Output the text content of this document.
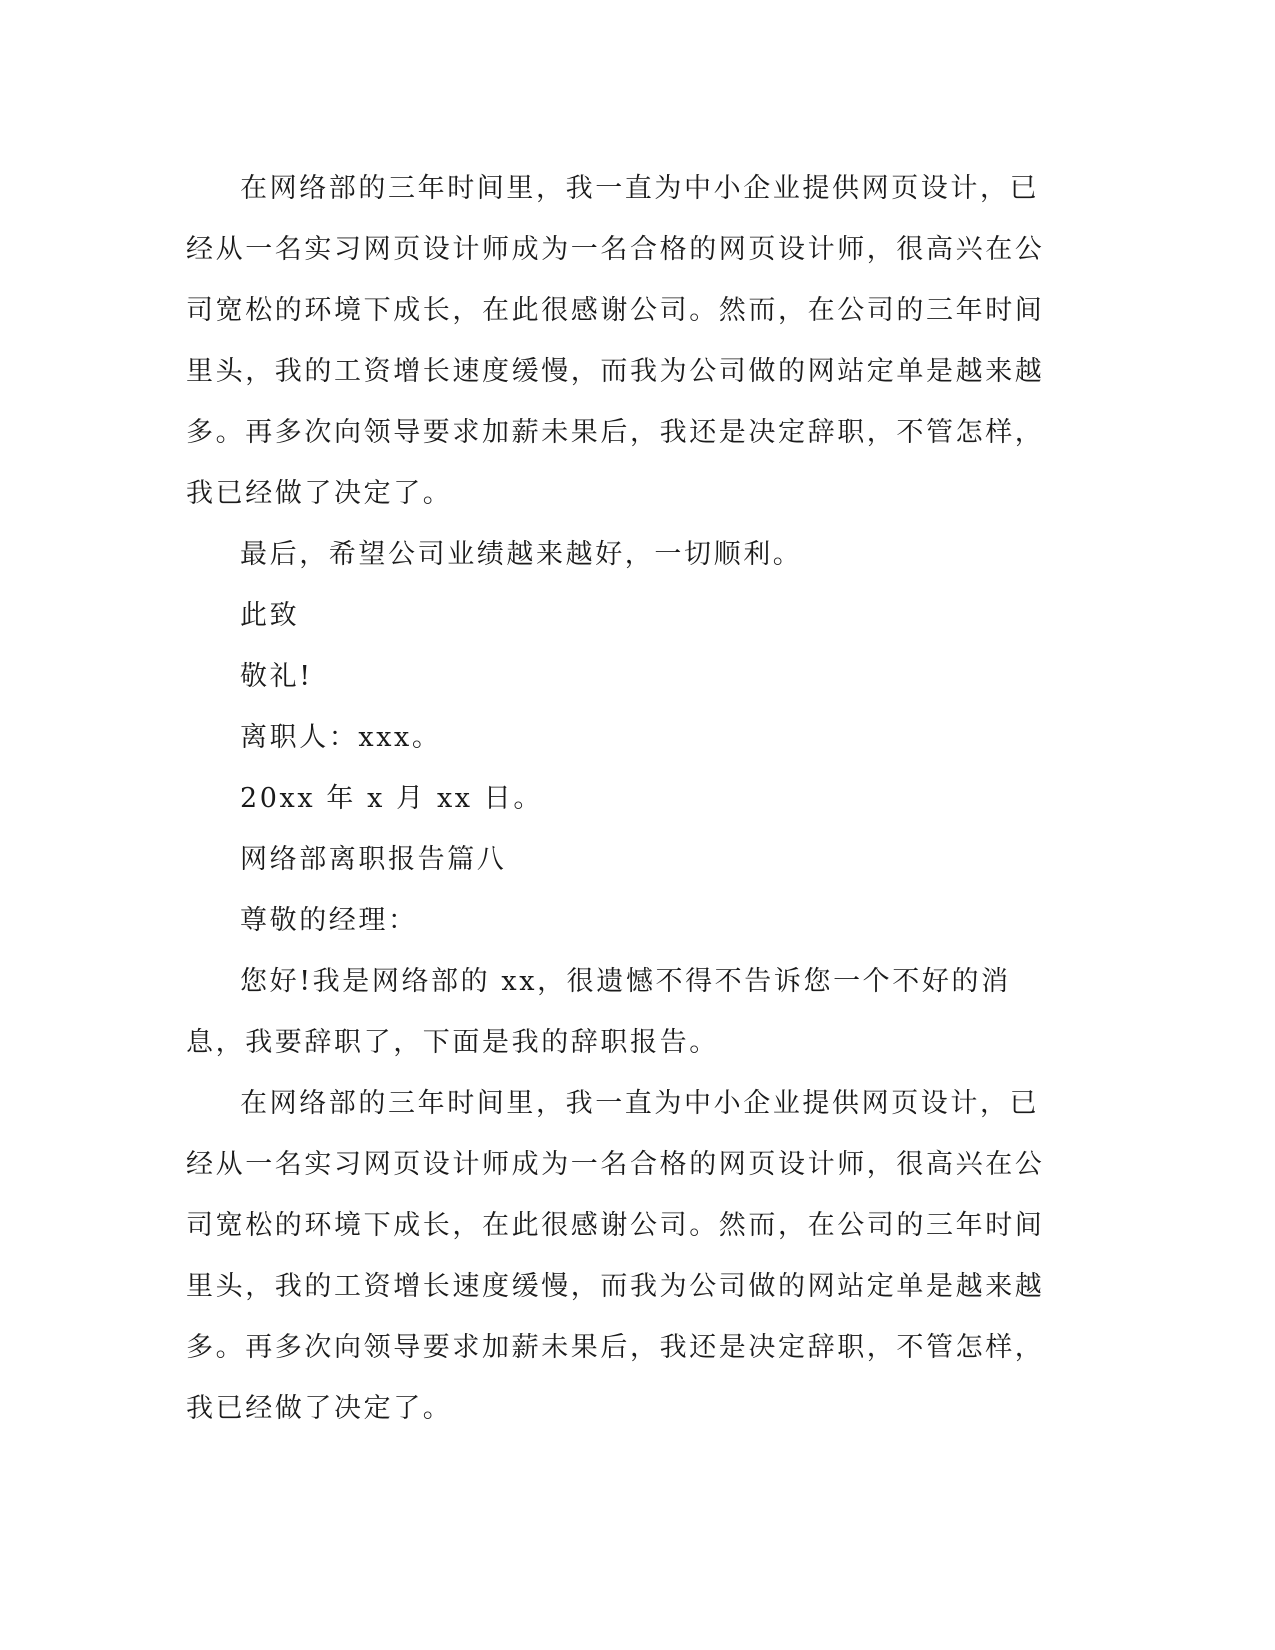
在网络部的三年时间里，我一直为中小企业提供网页设计，已经从一名实习网页设计师成为一名合格的网页设计师，很高兴在公司宽松的环境下成长，在此很感谢公司。然而，在公司的三年时间里头，我的工资增长速度缓慢，而我为公司做的网站定单是越来越多。再多次向领导要求加薪未果后，我还是决定辞职，不管怎样，我已经做了决定了。

最后，希望公司业绩越来越好，一切顺利。

此致

敬礼!

离职人：xxx。

20xx 年 x 月 xx 日。

网络部离职报告篇八

尊敬的经理：

您好!我是网络部的 xx，很遗憾不得不告诉您一个不好的消息，我要辞职了，下面是我的辞职报告。

在网络部的三年时间里，我一直为中小企业提供网页设计，已经从一名实习网页设计师成为一名合格的网页设计师，很高兴在公司宽松的环境下成长，在此很感谢公司。然而，在公司的三年时间里头，我的工资增长速度缓慢，而我为公司做的网站定单是越来越多。再多次向领导要求加薪未果后，我还是决定辞职，不管怎样，我已经做了决定了。
